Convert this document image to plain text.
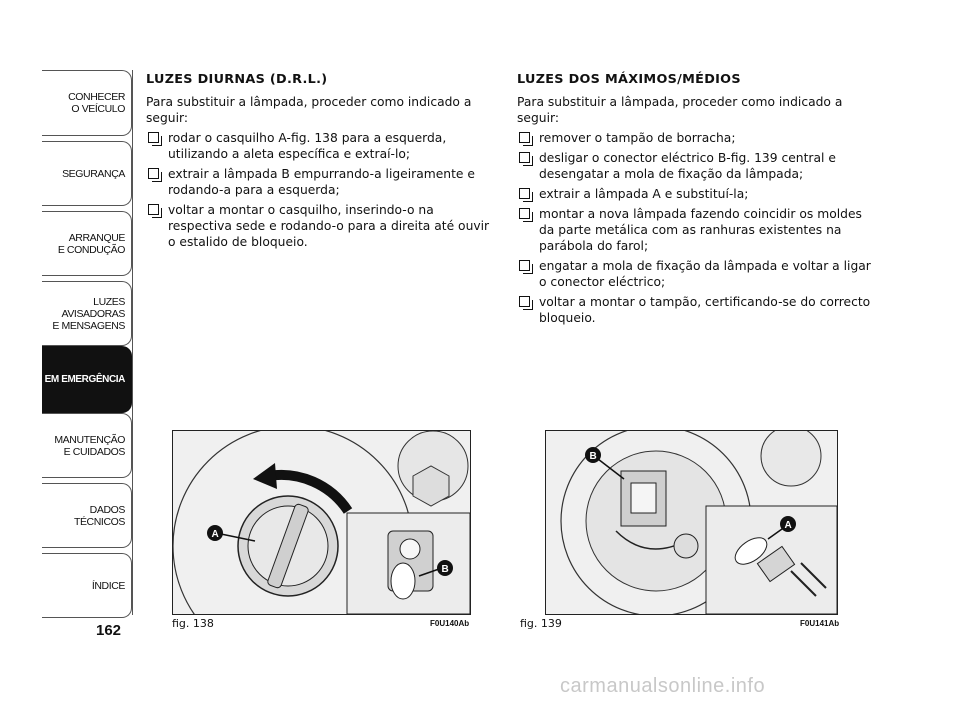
CONHECER
O VEÍCULO
SEGURANÇA
ARRANQUE
E CONDUÇÃO
LUZES
AVISADORAS
E MENSAGENS
EM EMERGÊNCIA
MANUTENÇÃO
E CUIDADOS
DADOS
TÉCNICOS
ÍNDICE
162
LUZES DIURNAS (D.R.L.)

Para substituir a lâmpada, proceder como indicado a seguir:

rodar o casquilho A-fig. 138 para a esquerda, utilizando a aleta específica e extraí-lo;
extrair a lâmpada B empurrando-a ligeiramente e rodando-a para a esquerda;
voltar a montar o casquilho, inserindo-o na respectiva sede e rodando-o para a direita até ouvir o estalido de bloqueio.
LUZES DOS MÁXIMOS/MÉDIOS

Para substituir a lâmpada, proceder como indicado a seguir:

remover o tampão de borracha;
desligar o conector eléctrico B-fig. 139 central e desengatar a mola de fixação da lâmpada;
extrair a lâmpada A e substituí-la;
montar a nova lâmpada fazendo coincidir os moldes da parte metálica com as ranhuras existentes na parábola do farol;
engatar a mola de fixação da lâmpada e voltar a ligar o conector eléctrico;
voltar a montar o tampão, certificando-se do correcto bloqueio.
A
B
fig. 138	F0U140Ab
B
A
fig. 139	F0U141Ab
carmanualsonline.info
